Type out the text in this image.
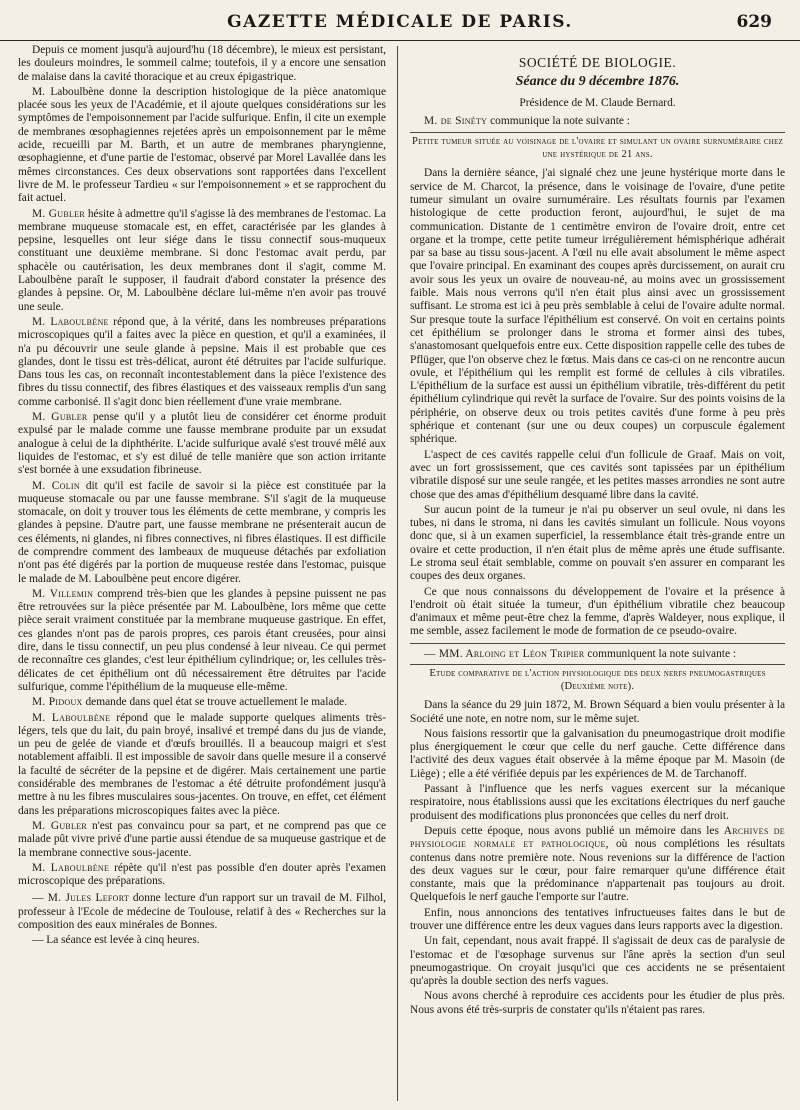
GAZETTE MÉDICALE DE PARIS.	629

Depuis ce moment jusqu'à aujourd'hu (18 décembre), le mieux est persistant, les douleurs moindres, le sommeil calme; toutefois, il y a encore une sensation de malaise dans la cavité thoracique et au creux épigastrique.

M. Laboulbène donne la description histologique de la pièce anatomique placée sous les yeux de l'Académie, et il ajoute quelques considérations sur les symptômes de l'empoisonnement par l'acide sulfurique. Enfin, il cite un exemple de membranes œsophagiennes rejetées après un empoisonnement par le même acide, recueilli par M. Barth, et un autre de membranes pharyngienne, œsophagienne, et d'une partie de l'estomac, observé par Morel Lavallée dans les mêmes circonstances. Ces deux observations sont rapportées dans l'excellent livre de M. le professeur Tardieu « sur l'empoisonnement » et se rapprochent du fait actuel.

M. Gubler hésite à admettre qu'il s'agisse là des membranes de l'estomac. La membrane muqueuse stomacale est, en effet, caractérisée par les glandes à pepsine, lesquelles ont leur siége dans le tissu connectif sous-muqueux constituant une deuxième membrane. Si donc l'estomac avait perdu, par sphacèle ou cautérisation, les deux membranes dont il s'agit, comme M. Laboulbène paraît le supposer, il faudrait d'abord constater la présence des glandes à pepsine. Or, M. Laboulbène déclare lui-même n'en avoir pas trouvé une seule.

M. Laboulbène répond que, à la vérité, dans les nombreuses préparations microscopiques qu'il a faites avec la pièce en question, et qu'il a examinées, il n'a pu découvrir une seule glande à pepsine. Mais il est probable que ces glandes, dont le tissu est très-délicat, auront été détruites par l'acide sulfurique. Dans tous les cas, on reconnaît incontestablement dans la pièce l'existence des fibres du tissu connectif, des fibres élastiques et des vaisseaux remplis d'un sang comme carbonisé. Il s'agit donc bien réellement d'une vraie membrane.

M. Gubler pense qu'il y a plutôt lieu de considérer cet énorme produit expulsé par le malade comme une fausse membrane produite par un exsudat analogue à celui de la diphthérite. L'acide sulfurique avalé s'est trouvé mêlé aux liquides de l'estomac, et s'y est dilué de telle manière que son action irritante s'est bornée à une exsudation fibrineuse.

M. Colin dit qu'il est facile de savoir si la pièce est constituée par la muqueuse stomacale ou par une fausse membrane. S'il s'agit de la muqueuse stomacale, on doit y trouver tous les éléments de cette membrane, y compris les glandes à pepsine. D'autre part, une fausse membrane ne présenterait aucun de ces éléments, ni glandes, ni fibres connectives, ni fibres élastiques. Il est difficile de comprendre comment des lambeaux de muqueuse détachés par exfoliation n'ont pas été digérés par la portion de muqueuse restée dans l'estomac, puisque le malade de M. Laboulbène peut encore digérer.

M. Villemin comprend très-bien que les glandes à pepsine puissent ne pas être retrouvées sur la pièce présentée par M. Laboulbène, lors même que cette pièce serait vraiment constituée par la membrane muqueuse gastrique. En effet, ces glandes n'ont pas de parois propres, ces parois étant creusées, pour ainsi dire, dans le tissu connectif, un peu plus condensé à leur niveau. Ce qui permet de reconnaître ces glandes, c'est leur épithélium cylindrique; or, les cellules très-délicates de cet épithélium ont dû nécessairement être détruites par l'acide sulfurique, comme l'épithélium de la muqueuse elle-même.

M. Pidoux demande dans quel état se trouve actuellement le malade.

M. Laboulbène répond que le malade supporte quelques aliments très-légers, tels que du lait, du pain broyé, insalivé et trempé dans du jus de viande, un peu de gelée de viande et d'œufs brouillés. Il a beaucoup maigri et s'est notablement affaibli. Il est impossible de savoir dans quelle mesure il a conservé la faculté de sécréter de la pepsine et de digérer. Mais certainement une partie considérable des membranes de l'estomac a été détruite profondément jusqu'à mettre à nu les fibres musculaires sous-jacentes. On trouve, en effet, cet élément dans les préparations microscopiques faites avec la pièce.

M. Gubler n'est pas convaincu pour sa part, et ne comprend pas que ce malade pût vivre privé d'une partie aussi étendue de sa muqueuse gastrique et de la membrane connective sous-jacente.

M. Laboulbène répète qu'il n'est pas possible d'en douter après l'examen microscopique des préparations.

— M. Jules Lefort donne lecture d'un rapport sur un travail de M. Filhol, professeur à l'Ecole de médecine de Toulouse, relatif à des « Recherches sur la composition des eaux minérales de Bonnes.

— La séance est levée à cinq heures.

SOCIÉTÉ DE BIOLOGIE.
Séance du 9 décembre 1876.
Présidence de M. Claude Bernard.

M. de Sinéty communique la note suivante :

Petite tumeur située au voisinage de l'ovaire et simulant un ovaire surnuméraire chez une hystérique de 21 ans.

Dans la dernière séance, j'ai signalé chez une jeune hystérique morte dans le service de M. Charcot, la présence, dans le voisinage de l'ovaire, d'une petite tumeur simulant un ovaire surnuméraire. Les résultats fournis par l'examen histologique de cette production feront, aujourd'hui, le sujet de ma communication. Distante de 1 centimètre environ de l'ovaire droit, entre cet organe et la trompe, cette petite tumeur irrégulièrement hémisphérique adhérait par sa base au tissu sous-jacent. A l'œil nu elle avait absolument le même aspect que l'ovaire principal. En examinant des coupes après durcissement, on aurait cru avoir sous les yeux un ovaire de nouveau-né, au moins avec un grossissement faible. Mais nous verrons qu'il n'en était plus ainsi avec un grossissement suffisant. Le stroma est ici à peu près semblable à celui de l'ovaire adulte normal. Sur presque toute la surface l'épithélium est conservé. On voit en certains points cet épithélium se prolonger dans le stroma et former ainsi des tubes, s'anastomosant quelquefois entre eux. Cette disposition rappelle celle des tubes de Pflüger, que l'on observe chez le fœtus. Mais dans ce cas-ci on ne rencontre aucun ovule, et l'épithélium qui les remplit est formé de cellules à cils vibratiles. L'épithélium de la surface est aussi un épithélium vibratile, très-différent du petit épithélium cylindrique qui revêt la surface de l'ovaire. Sur des points voisins de la périphérie, on observe deux ou trois petites cavités d'une forme à peu près sphérique et contenant (sur une ou deux coupes) un corpuscule également sphérique.

L'aspect de ces cavités rappelle celui d'un follicule de Graaf. Mais on voit, avec un fort grossissement, que ces cavités sont tapissées par un épithélium vibratile disposé sur une seule rangée, et les petites masses arrondies ne sont autre chose que des amas d'épithélium desquamé libre dans la cavité.

Sur aucun point de la tumeur je n'ai pu observer un seul ovule, ni dans les tubes, ni dans le stroma, ni dans les cavités simulant un follicule. Nous voyons donc que, si à un examen superficiel, la ressemblance était très-grande entre un ovaire et cette production, il n'en était plus de même après une étude suffisante. Le stroma seul était semblable, comme on pouvait s'en assurer en comparant les coupes des deux organes.

Ce que nous connaissons du développement de l'ovaire et la présence à l'endroit où était située la tumeur, d'un épithélium vibratile chez beaucoup d'animaux et même peut-être chez la femme, d'après Waldeyer, nous explique, il me semble, assez facilement le mode de formation de ce pseudo-ovaire.

— MM. Arloing et Léon Tripier communiquent la note suivante :

Etude comparative de l'action physiologique des deux nerfs pneumogastriques (Deuxième note).

Dans la séance du 29 juin 1872, M. Brown Séquard a bien voulu présenter à la Société une note, en notre nom, sur le même sujet.

Nous faisions ressortir que la galvanisation du pneumogastrique droit modifie plus énergiquement le cœur que celle du nerf gauche. Cette différence dans l'activité des deux vagues était observée à la même époque par M. Masoin (de Liège) ; elle a été vérifiée depuis par les expériences de M. de Tarchanoff.

Passant à l'influence que les nerfs vagues exercent sur la mécanique respiratoire, nous établissions aussi que les excitations électriques du nerf gauche produisent des modifications plus prononcées que celles du nerf droit.

Depuis cette époque, nous avons publié un mémoire dans les Archives de physiologie normale et pathologique, où nous complétions les résultats contenus dans notre première note. Nous revenions sur la différence de l'action des deux vagues sur le cœur, pour faire remarquer qu'une différence était constante, mais que la prédominance n'appartenait pas toujours au droit. Quelquefois le nerf gauche l'emporte sur l'autre.

Enfin, nous annoncions des tentatives infructueuses faites dans le but de trouver une différence entre les deux vagues dans leurs rapports avec la digestion.

Un fait, cependant, nous avait frappé. Il s'agissait de deux cas de paralysie de l'estomac et de l'œsophage survenus sur l'âne après la section d'un seul pneumogastrique. On croyait jusqu'ici que ces accidents ne se présentaient qu'après la double section des nerfs vagues.

Nous avons cherché à reproduire ces accidents pour les étudier de plus près. Nous avons été très-surpris de constater qu'ils n'étaient pas rares.
